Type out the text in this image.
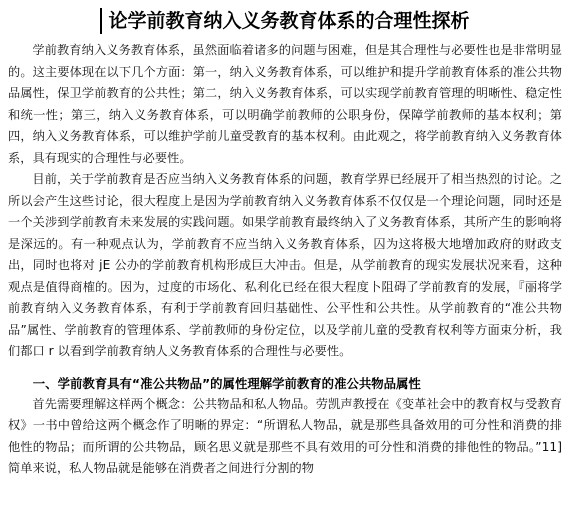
论学前教育纳入义务教育体系的合理性探析

学前教育纳入义务教育体系，虽然面临着诸多的问题与困难，但是其合理性与必要性也是非常明显的。这主要体现在以下几个方面：第一，纳入义务教育体系，可以维护和提升学前教育体系的准公共物品属性，保卫学前教育的公共性；第二，纳入义务教育体系，可以实现学前教育管理的明晰性、稳定性和统一性；第三，纳入义务教育体系，可以明确学前教师的公职身份，保障学前教师的基本权利；第四，纳入义务教育体系，可以维护学前儿童受教育的基本权利。由此观之，将学前教育纳入义务教育体系，具有现实的合理性与必要性。

目前，关于学前教育是否应当纳入义务教育体系的问题，教育学界已经展开了相当热烈的讨论。之所以会产生这些讨论，很大程度上是因为学前教育纳入义务教育体系不仅仅是一个理论问题，同时还是一个关涉到学前教育未来发展的实践问题。如果学前教育最终纳入了义务教育体系，其所产生的影响将是深远的。有一种观点认为，学前教育不应当纳入义务教育体系，囚为这将极大地增加政府的财政支出，同时也将对 jE 公办的学前教育机构形成巨大冲击。但是，从学前教育的现实发展状况来看，这种观点是值得商榷的。因为，过度的市场化、私利化已经在很大程度卜阻碍了学前教育的发展，『丽将学前教育纳入义务教育体系，有利于学前教育回归基础性、公平性和公共性。从学前教育的“准公共物品”属性、学前教育的管理体系、学前教师的身份定位，以及学前儿童的受教育权利等方面束分析，我们都口 r 以看到学前教育纳人义务教育体系的合理性与必要性。

一、学前教育具有“准公共物品”的属性理解学前教育的准公共物品属性

首先需要理解这样两个概念：公共物品和私人物品。劳凯声教授在《变革社会中的教育权与受教育权》一书中曾给这两个概念作了明晰的界定：“所谓私人物品，就是那些具备效用的可分性和消费的排他性的物品；而所谓的公共物品，顾名思义就是那些不具有效用的可分性和消费的排他性的物品。”11]简单来说，私人物品就是能够在消费者之间进行分割的物
